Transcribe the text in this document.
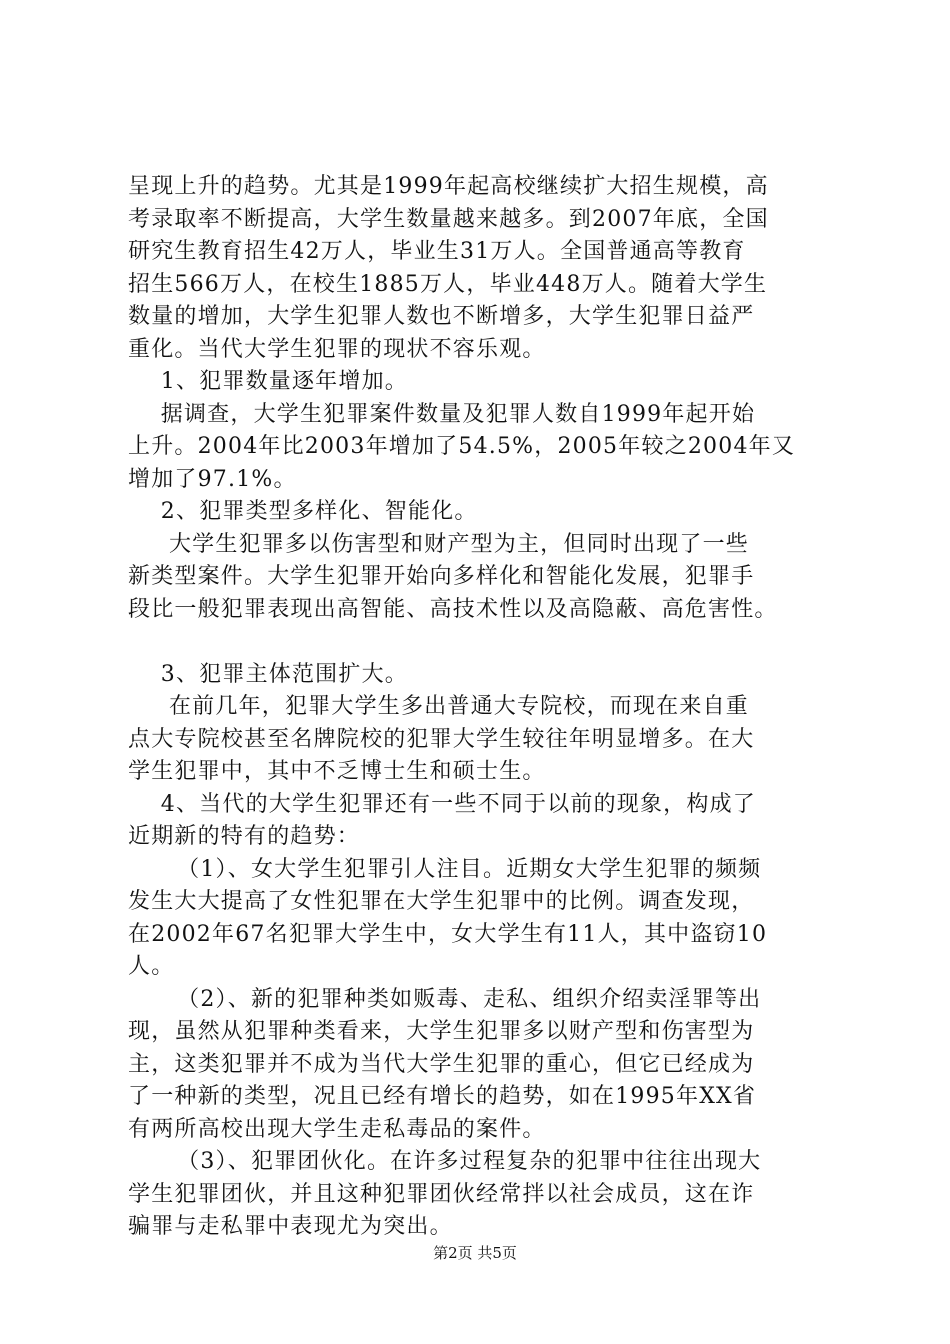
呈现上升的趋势。尤其是1999年起高校继续扩大招生规模，高
考录取率不断提高，大学生数量越来越多。到2007年底，全国
研究生教育招生42万人，毕业生31万人。全国普通高等教育
招生566万人，在校生1885万人，毕业448万人。随着大学生
数量的增加，大学生犯罪人数也不断增多，大学生犯罪日益严
重化。当代大学生犯罪的现状不容乐观。
1、犯罪数量逐年增加。
据调查，大学生犯罪案件数量及犯罪人数自1999年起开始
上升。2004年比2003年增加了54.5%，2005年较之2004年又
增加了97.1%。
2、犯罪类型多样化、智能化。
大学生犯罪多以伤害型和财产型为主，但同时出现了一些
新类型案件。大学生犯罪开始向多样化和智能化发展，犯罪手
段比一般犯罪表现出高智能、高技术性以及高隐蔽、高危害性。
3、犯罪主体范围扩大。
在前几年，犯罪大学生多出普通大专院校，而现在来自重
点大专院校甚至名牌院校的犯罪大学生较往年明显增多。在大
学生犯罪中，其中不乏博士生和硕士生。
4、当代的大学生犯罪还有一些不同于以前的现象，构成了
近期新的特有的趋势：
（1）、女大学生犯罪引人注目。近期女大学生犯罪的频频
发生大大提高了女性犯罪在大学生犯罪中的比例。调查发现，
在2002年67名犯罪大学生中，女大学生有11人，其中盗窃10
人。
（2）、新的犯罪种类如贩毒、走私、组织介绍卖淫罪等出
现，虽然从犯罪种类看来，大学生犯罪多以财产型和伤害型为
主，这类犯罪并不成为当代大学生犯罪的重心，但它已经成为
了一种新的类型，况且已经有增长的趋势，如在1995年XX省
有两所高校出现大学生走私毒品的案件。
（3）、犯罪团伙化。在许多过程复杂的犯罪中往往出现大
学生犯罪团伙，并且这种犯罪团伙经常拌以社会成员，这在诈
骗罪与走私罪中表现尤为突出。
第2页 共5页
